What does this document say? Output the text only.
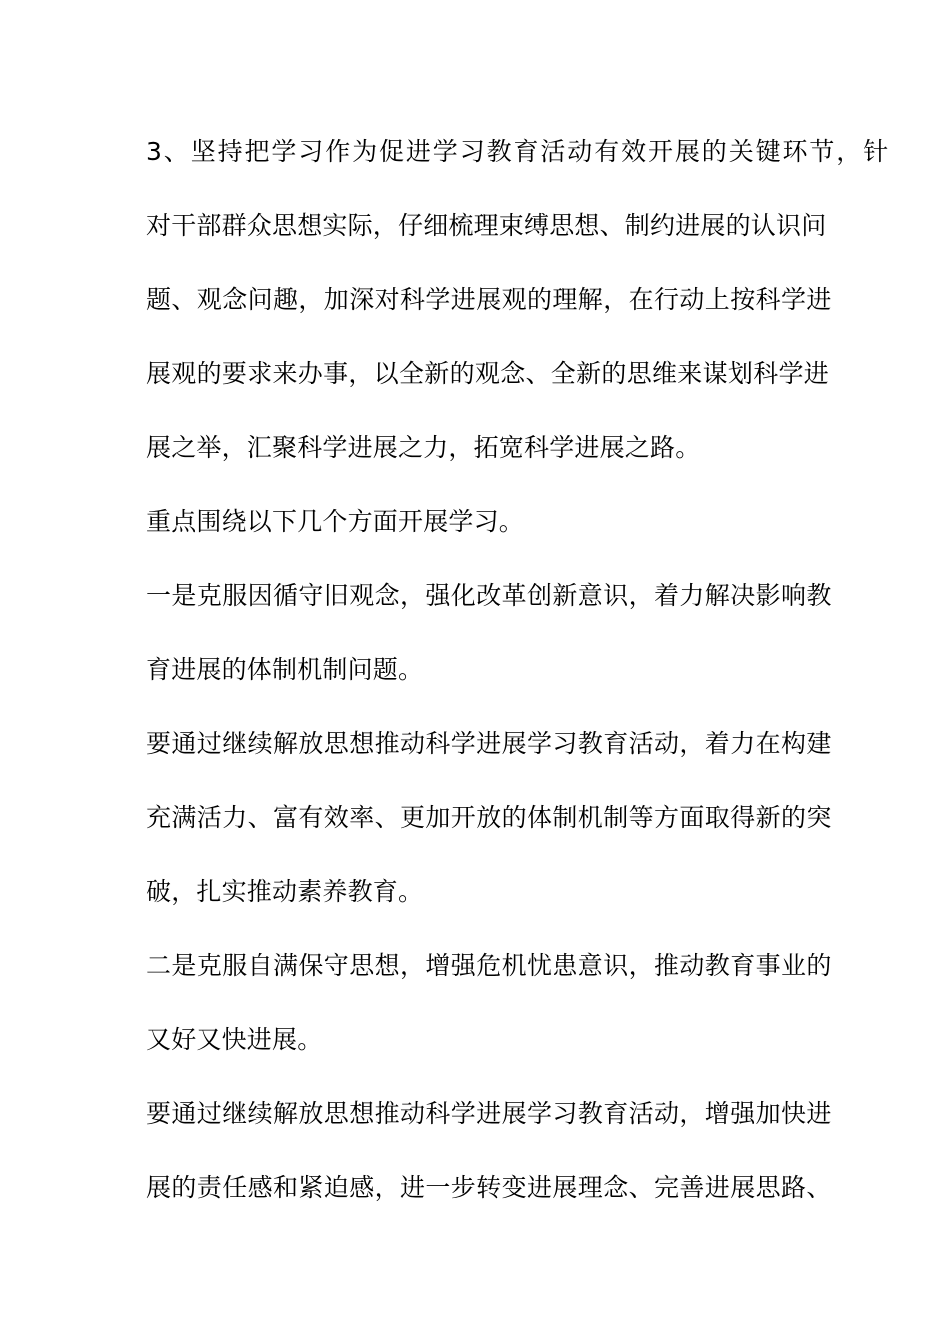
3、坚持把学习作为促进学习教育活动有效开展的关键环节，针
对干部群众思想实际，仔细梳理束缚思想、制约进展的认识问
题、观念问趣，加深对科学进展观的理解，在行动上按科学进
展观的要求来办事，以全新的观念、全新的思维来谋划科学进
展之举，汇聚科学进展之力，拓宽科学进展之路。
重点围绕以下几个方面开展学习。
一是克服因循守旧观念，强化改革创新意识，着力解决影响教
育进展的体制机制问题。
要通过继续解放思想推动科学进展学习教育活动，着力在构建
充满活力、富有效率、更加开放的体制机制等方面取得新的突
破，扎实推动素养教育。
二是克服自满保守思想，增强危机忧患意识，推动教育事业的
又好又快进展。
要通过继续解放思想推动科学进展学习教育活动，增强加快进
展的责任感和紧迫感，进一步转变进展理念、完善进展思路、
